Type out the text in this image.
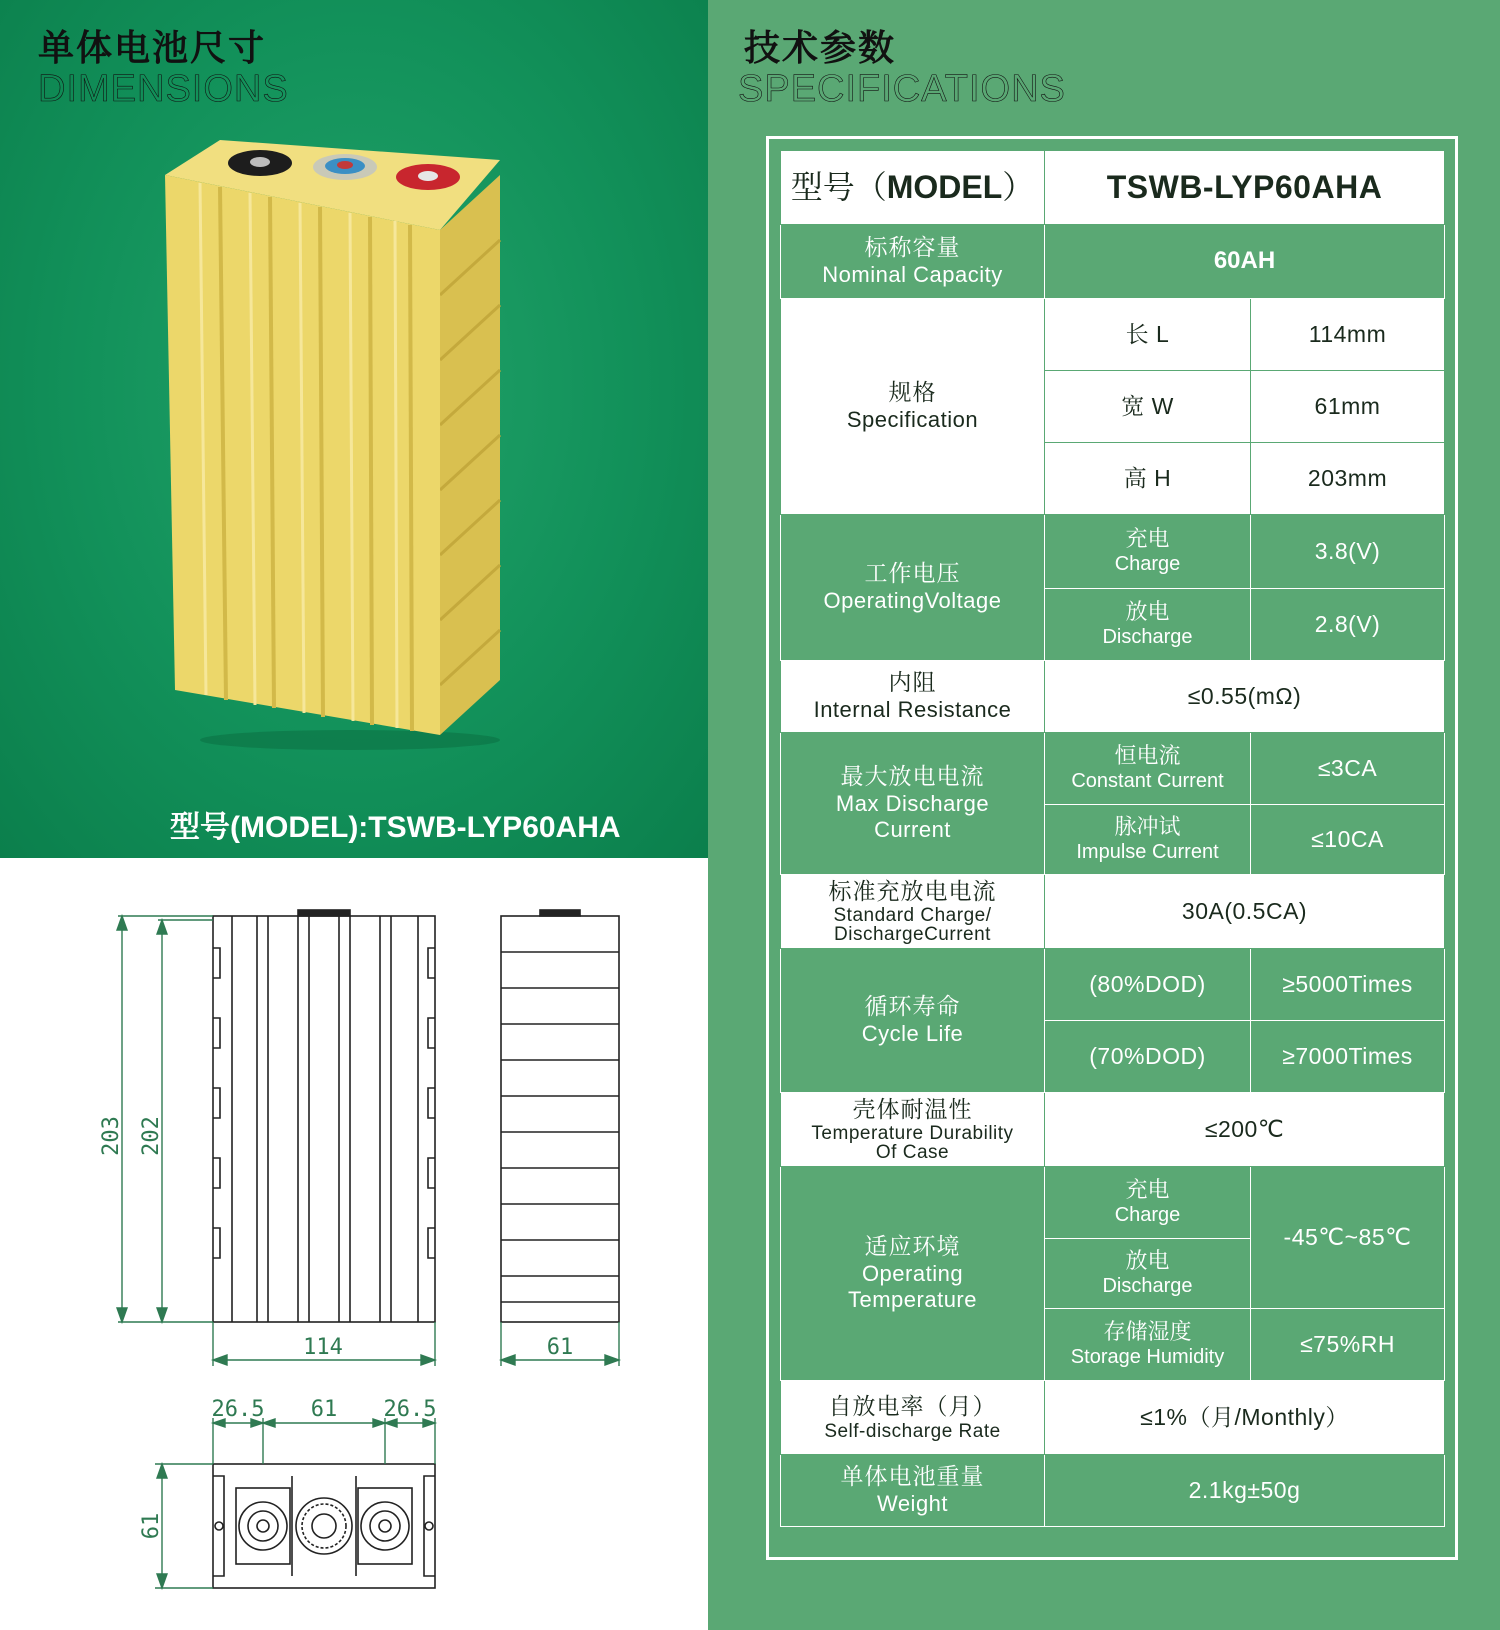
单体电池尺寸
DIMENSIONS
型号(MODEL):TSWB-LYP60AHA
203 202
114	61
26.5 61 26.5
61
技术参数
SPECIFICATIONS
型号（MODEL）	TSWB-LYP60AHA	

标称容量
Nominal Capacity	60AH	

规格
Specification	长 L	114mm
	宽 W	61mm
	高 H	203mm

工作电压
OperatingVoltage	充电
Charge	3.8(V)

	放电
Discharge	2.8(V)

内阻
Internal Resistance	≤0.55(mΩ)	

最大放电电流
Max Discharge
Current	恒电流
Constant Current	≤3CA

	脉冲试
Impulse Current	≤10CA

标准充放电电流
Standard Charge/
DischargeCurrent	30A(0.5CA)	

循环寿命
Cycle Life	(80%DOD)	≥5000Times
	(70%DOD)	≥7000Times

壳体耐温性
Temperature Durability
Of Case	≤200℃	

适应环境
Operating
Temperature	充电
Charge	-45℃~85℃

	放电
Discharge	

	存储湿度
Storage Humidity	≤75%RH

自放电率（月）
Self-discharge Rate	≤1%（月/Monthly）	

单体电池重量
Weight	2.1kg±50g	
